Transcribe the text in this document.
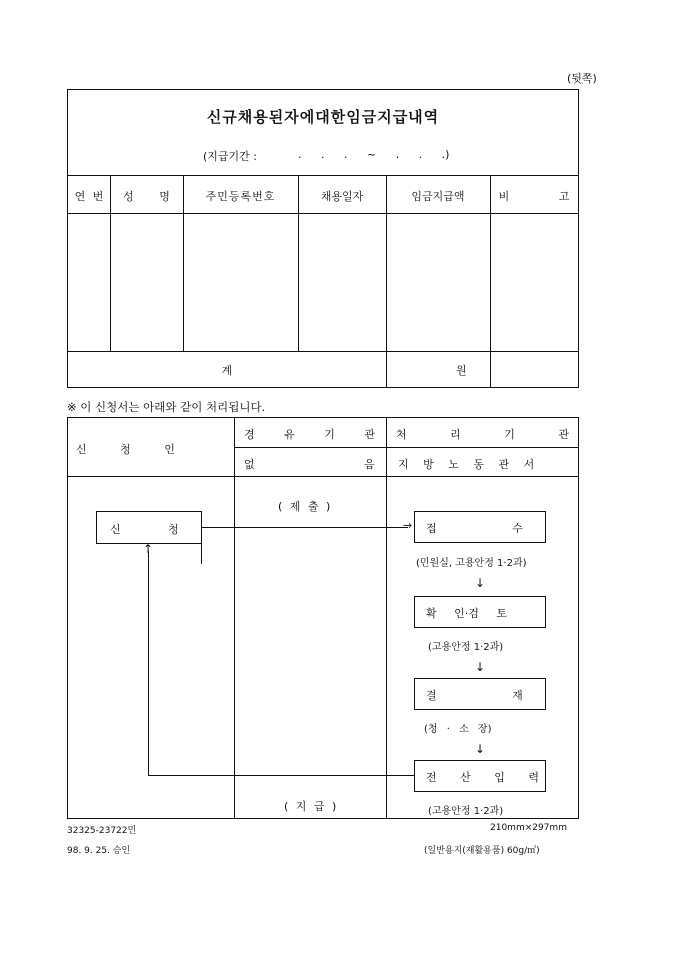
(뒷쪽)
신규채용된자에대한임금지급내역
(지급기간 :	. . . ~ . . .)
연 번	성 명	주민등록번호	채용일자	임금지급액	비 고
계	원
※ 이 신청서는 아래와 같이 처리됩니다.
신 청 인
경 유 기 관
없 음
처 리 기 관
지 방 노 동 관 서
( 제 출 )
( 지 급 )
신 청	→
↑
접 수
(민원실, 고용안정 1·2과)
↓
확 인·검 토
(고용안정 1·2과)
↓
결 재
(청 · 소 장)
↓
전 산 입 력
(고용안정 1·2과)
32325-23722민
98. 9. 25. 승인
210mm×297mm
(일반용지(재활용품) 60g/㎡)
